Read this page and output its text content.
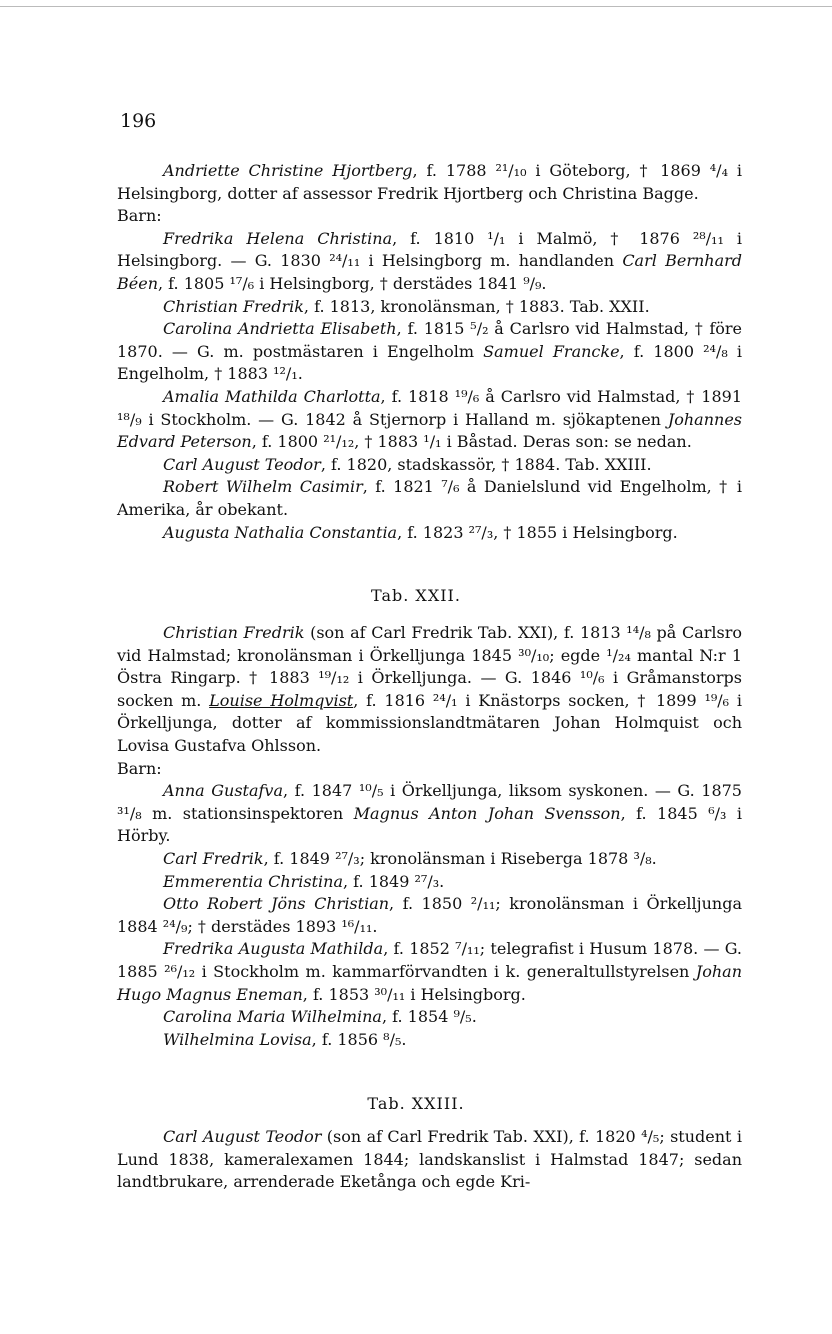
196

Andriette Christine Hjortberg, f. 1788 ²¹/₁₀ i Göteborg, † 1869 ⁴/₄ i Helsingborg, dotter af assessor Fredrik Hjortberg och Christina Bagge.

Barn:

Fredrika Helena Christina, f. 1810 ¹/₁ i Malmö, † 1876 ²⁸/₁₁ i Helsingborg. — G. 1830 ²⁴/₁₁ i Helsingborg m. handlanden Carl Bernhard Béen, f. 1805 ¹⁷/₆ i Helsingborg, † derstädes 1841 ⁹/₉.

Christian Fredrik, f. 1813, kronolänsman, † 1883. Tab. XXII.

Carolina Andrietta Elisabeth, f. 1815 ⁵/₂ å Carlsro vid Halmstad, † före 1870. — G. m. postmästaren i Engelholm Samuel Francke, f. 1800 ²⁴/₈ i Engelholm, † 1883 ¹²/₁.

Amalia Mathilda Charlotta, f. 1818 ¹⁹/₆ å Carlsro vid Halmstad, † 1891 ¹⁸/₉ i Stockholm. — G. 1842 å Stjernorp i Halland m. sjökaptenen Johannes Edvard Peterson, f. 1800 ²¹/₁₂, † 1883 ¹/₁ i Båstad. Deras son: se nedan.

Carl August Teodor, f. 1820, stadskassör, † 1884. Tab. XXIII.

Robert Wilhelm Casimir, f. 1821 ⁷/₆ å Danielslund vid Engelholm, † i Amerika, år obekant.

Augusta Nathalia Constantia, f. 1823 ²⁷/₃, † 1855 i Helsingborg.

Tab. XXII.

Christian Fredrik (son af Carl Fredrik Tab. XXI), f. 1813 ¹⁴/₈ på Carlsro vid Halmstad; kronolänsman i Örkelljunga 1845 ³⁰/₁₀; egde ¹/₂₄ mantal N:r 1 Östra Ringarp. † 1883 ¹⁹/₁₂ i Örkelljunga. — G. 1846 ¹⁰/₆ i Gråmanstorps socken m. Louise Holmqvist, f. 1816 ²⁴/₁ i Knästorps socken, † 1899 ¹⁹/₆ i Örkelljunga, dotter af kommissionslandtmätaren Johan Holmquist och Lovisa Gustafva Ohlsson.

Barn:

Anna Gustafva, f. 1847 ¹⁰/₅ i Örkelljunga, liksom syskonen. — G. 1875 ³¹/₈ m. stationsinspektoren Magnus Anton Johan Svensson, f. 1845 ⁶/₃ i Hörby.

Carl Fredrik, f. 1849 ²⁷/₃; kronolänsman i Riseberga 1878 ³/₈.

Emmerentia Christina, f. 1849 ²⁷/₃.

Otto Robert Jöns Christian, f. 1850 ²/₁₁; kronolänsman i Örkelljunga 1884 ²⁴/₉; † derstädes 1893 ¹⁶/₁₁.

Fredrika Augusta Mathilda, f. 1852 ⁷/₁₁; telegrafist i Husum 1878. — G. 1885 ²⁶/₁₂ i Stockholm m. kammarförvandten i k. generaltullstyrelsen Johan Hugo Magnus Eneman, f. 1853 ³⁰/₁₁ i Helsingborg.

Carolina Maria Wilhelmina, f. 1854 ⁹/₅.

Wilhelmina Lovisa, f. 1856 ⁸/₅.

Tab. XXIII.

Carl August Teodor (son af Carl Fredrik Tab. XXI), f. 1820 ⁴/₅; student i Lund 1838, kameralexamen 1844; landskanslist i Halmstad 1847; sedan landtbrukare, arrenderade Eketånga och egde Kri-
